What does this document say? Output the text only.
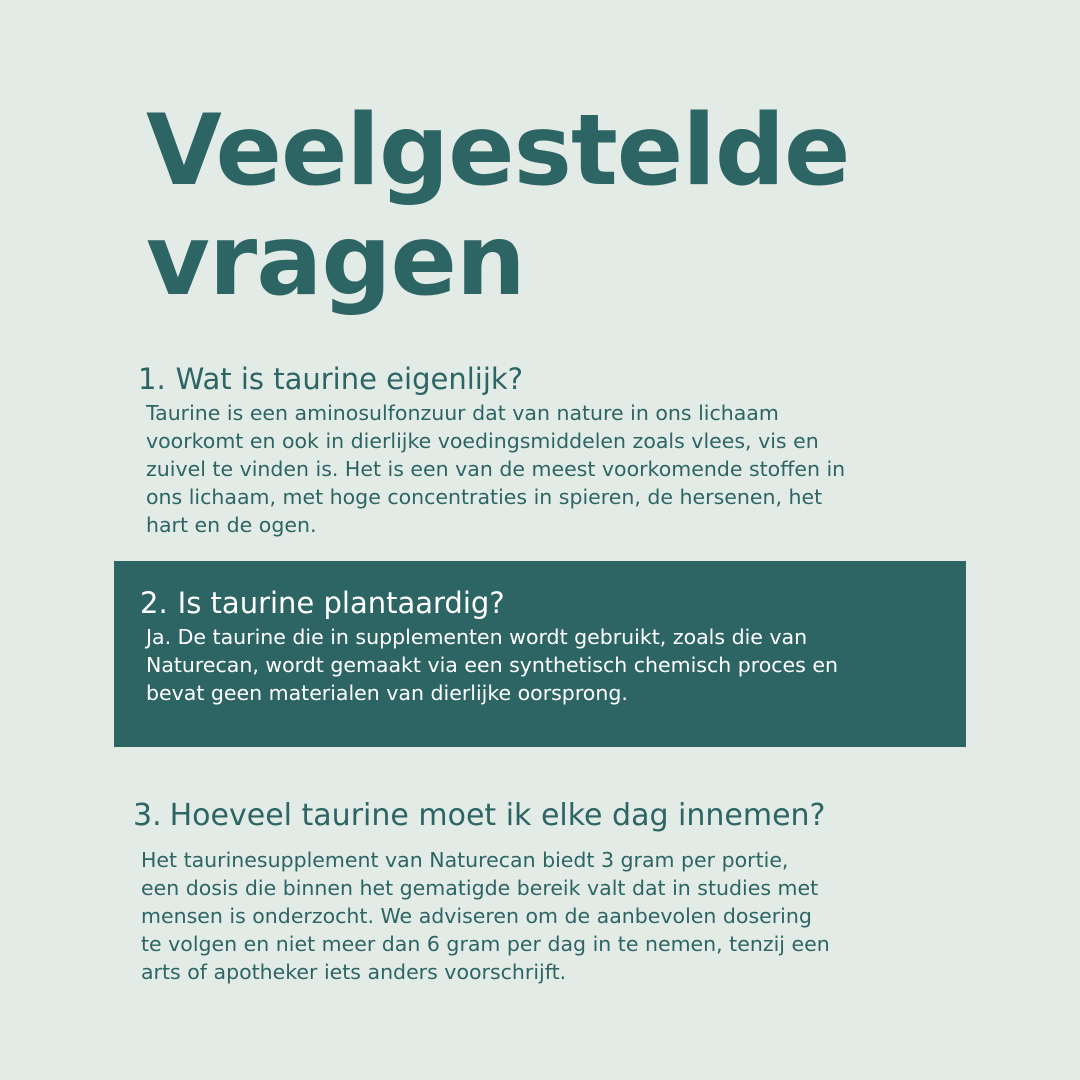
Veelgestelde
vragen
1. Wat is taurine eigenlijk?

Taurine is een aminosulfonzuur dat van nature in ons lichaam
voorkomt en ook in dierlijke voedingsmiddelen zoals vlees, vis en
zuivel te vinden is. Het is een van de meest voorkomende stoffen in
ons lichaam, met hoge concentraties in spieren, de hersenen, het
hart en de ogen.

2. Is taurine plantaardig?

Ja. De taurine die in supplementen wordt gebruikt, zoals die van
Naturecan, wordt gemaakt via een synthetisch chemisch proces en
bevat geen materialen van dierlijke oorsprong.

3. Hoeveel taurine moet ik elke dag innemen?

Het taurinesupplement van Naturecan biedt 3 gram per portie,
een dosis die binnen het gematigde bereik valt dat in studies met
mensen is onderzocht. We adviseren om de aanbevolen dosering
te volgen en niet meer dan 6 gram per dag in te nemen, tenzij een
arts of apotheker iets anders voorschrijft.
